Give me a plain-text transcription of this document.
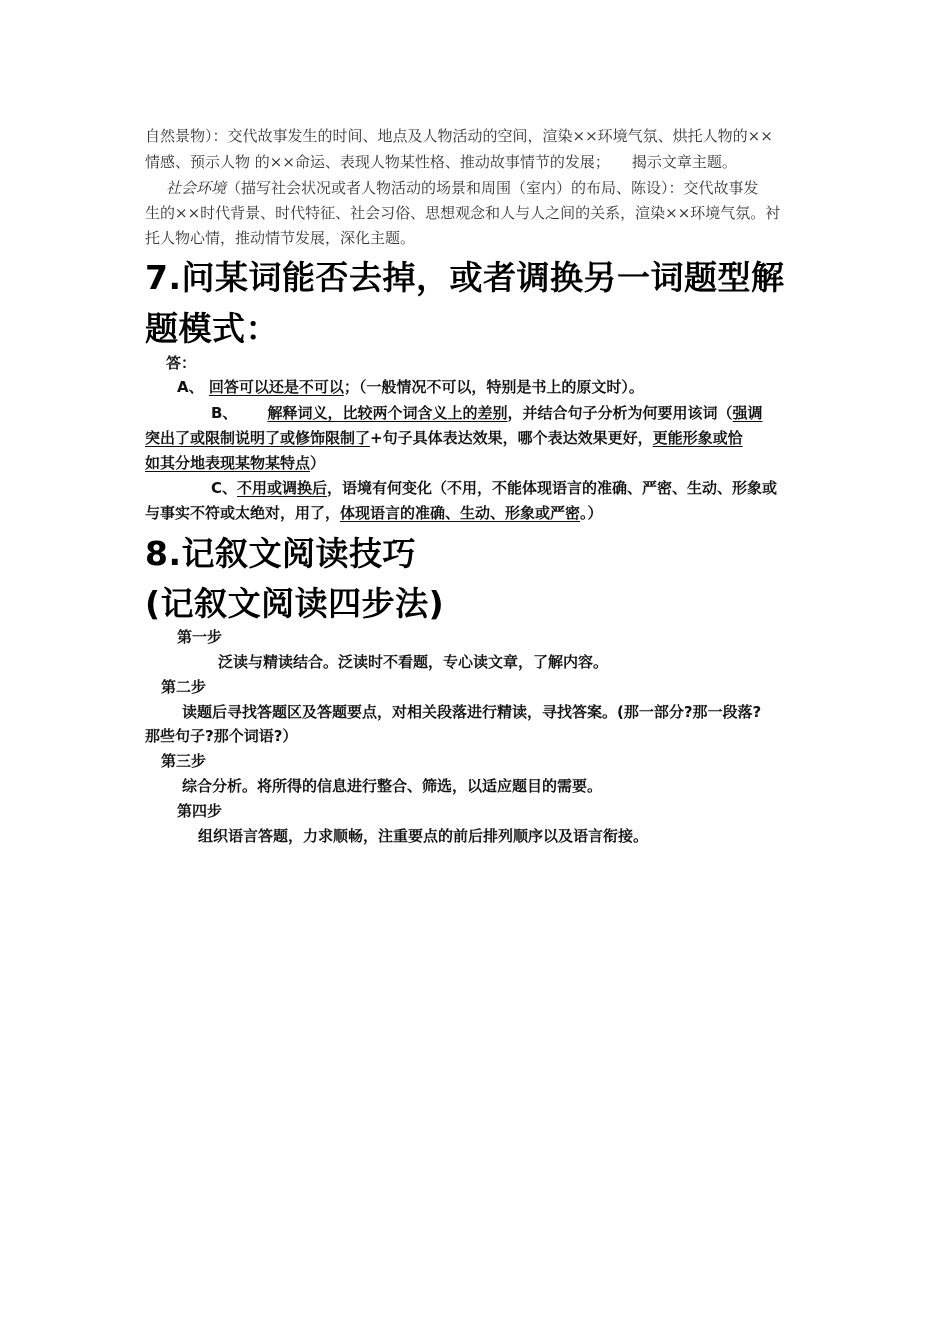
自然景物）：交代故事发生的时间、地点及人物活动的空间，渲染××环境气氛、烘托人物的××
情感、预示人物 的××命运、表现人物某性格、推动故事情节的发展； 揭示文章主题。
社会环境（描写社会状况或者人物活动的场景和周围（室内）的布局、陈设）：交代故事发
生的××时代背景、时代特征、社会习俗、思想观念和人与人之间的关系，渲染××环境气氛。衬
托人物心情，推动情节发展，深化主题。
7.问某词能否去掉，或者调换另一词题型解
题模式：
答：
A、 回答可以还是不可以；（一般情况不可以，特别是书上的原文时）。
B、 解释词义，比较两个词含义上的差别，并结合句子分析为何要用该词（强调
突出了或限制说明了或修饰限制了+句子具体表达效果，哪个表达效果更好，更能形象或恰
如其分地表现某物某特点）
C、不用或调换后，语境有何变化（不用，不能体现语言的准确、严密、生动、形象或
与事实不符或太绝对，用了，体现语言的准确、生动、形象或严密。）
8.记叙文阅读技巧
(记叙文阅读四步法)
第一步
泛读与精读结合。泛读时不看题，专心读文章，了解内容。
第二步
读题后寻找答题区及答题要点，对相关段落进行精读，寻找答案。(那一部分?那一段落?
那些句子?那个词语?）
第三步
综合分析。将所得的信息进行整合、筛选，以适应题目的需要。
第四步
组织语言答题，力求顺畅，注重要点的前后排列顺序以及语言衔接。
